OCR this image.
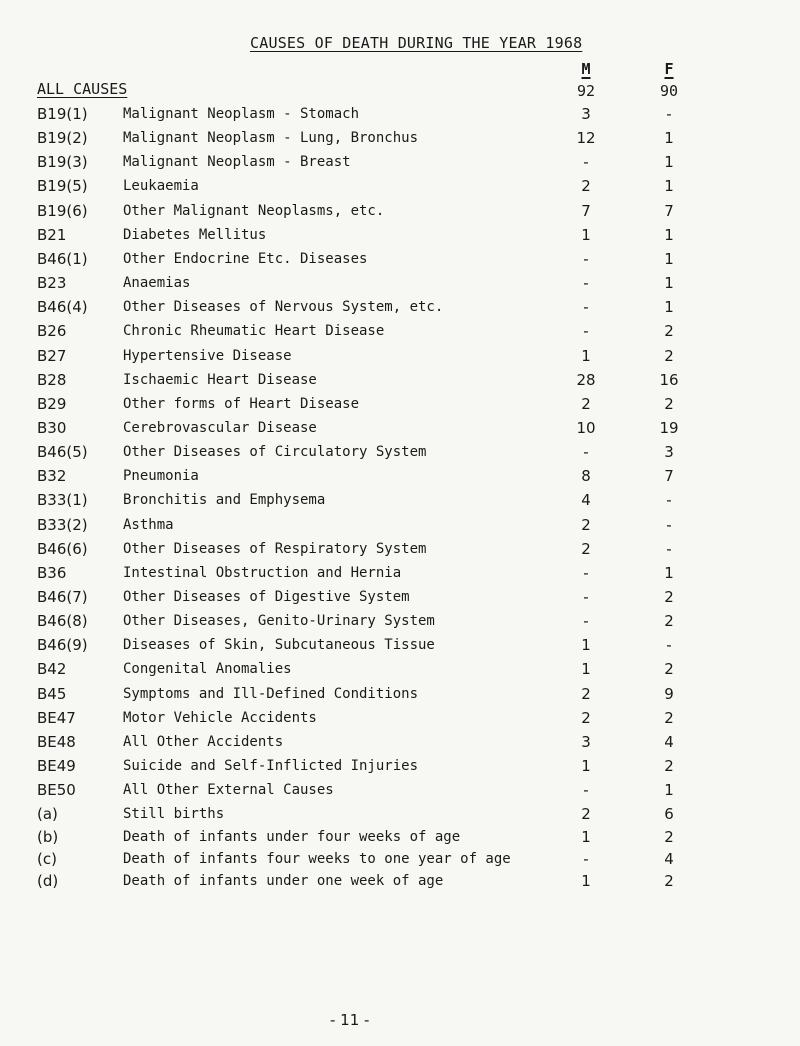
CAUSES OF DEATH DURING THE YEAR 1968
M	F
ALL CAUSES	92	90
B19(1)	Malignant Neoplasm - Stomach	3	-
B19(2)	Malignant Neoplasm - Lung, Bronchus	12	1
B19(3)	Malignant Neoplasm - Breast	-	1
B19(5)	Leukaemia	2	1
B19(6)	Other Malignant Neoplasms, etc.	7	7
B21	Diabetes Mellitus	1	1
B46(1)	Other Endocrine Etc. Diseases	-	1
B23	Anaemias	-	1
B46(4)	Other Diseases of Nervous System, etc.	-	1
B26	Chronic Rheumatic Heart Disease	-	2
B27	Hypertensive Disease	1	2
B28	Ischaemic Heart Disease	28	16
B29	Other forms of Heart Disease	2	2
B30	Cerebrovascular Disease	10	19
B46(5)	Other Diseases of Circulatory System	-	3
B32	Pneumonia	8	7
B33(1)	Bronchitis and Emphysema	4	-
B33(2)	Asthma	2	-
B46(6)	Other Diseases of Respiratory System	2	-
B36	Intestinal Obstruction and Hernia	-	1
B46(7)	Other Diseases of Digestive System	-	2
B46(8)	Other Diseases, Genito-Urinary System	-	2
B46(9)	Diseases of Skin, Subcutaneous Tissue	1	-
B42	Congenital Anomalies	1	2
B45	Symptoms and Ill-Defined Conditions	2	9
BE47	Motor Vehicle Accidents	2	2
BE48	All Other Accidents	3	4
BE49	Suicide and Self-Inflicted Injuries	1	2
BE50	All Other External Causes	-	1
(a)	Still births	2	6
(b)	Death of infants under four weeks of age	1	2
(c)	Death of infants four weeks to one year of age	-	4
(d)	Death of infants under one week of age	1	2
- 11 -
